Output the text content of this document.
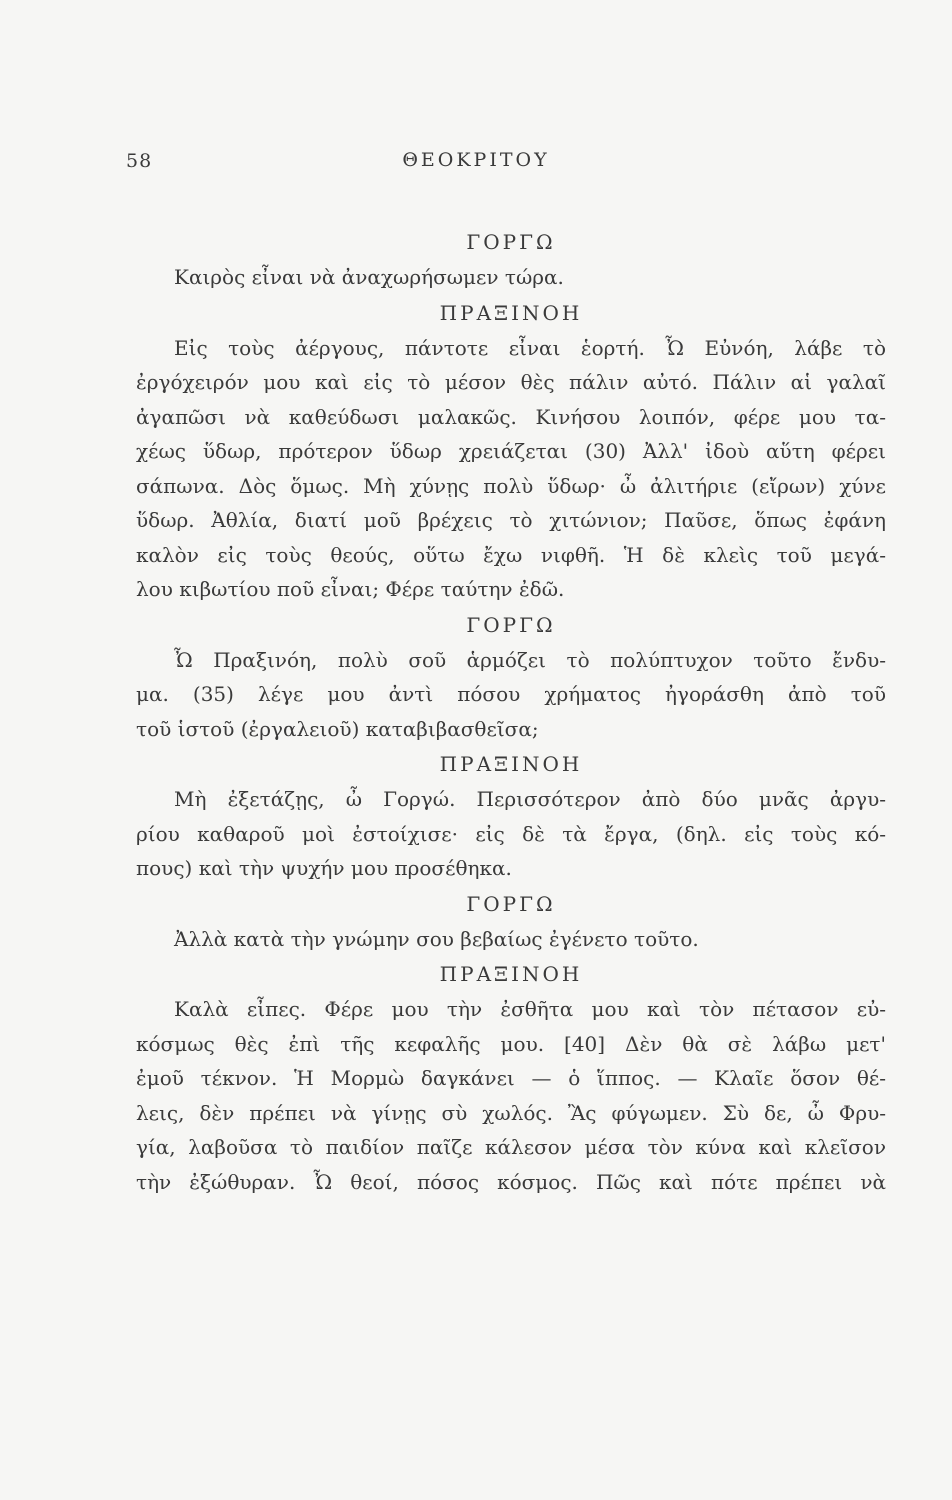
58	ΘΕΟΚΡΙΤΟΥ
ΓΟΡΓΩ
Καιρὸς εἶναι νὰ ἀναχωρήσωμεν τώρα.
ΠΡΑΞΙΝΟΗ
Εἰς τοὺς ἀέργους, πάντοτε εἶναι ἑορτή. Ὦ Εὐνόη, λάβε τὸ
ἐργόχειρόν μου καὶ εἰς τὸ μέσον θὲς πάλιν αὐτό. Πάλιν αἱ γαλαῖ
ἀγαπῶσι νὰ καθεύδωσι μαλακῶς. Κινήσου λοιπόν, φέρε μου τα-
χέως ὕδωρ, πρότερον ὕδωρ χρειάζεται (30) Ἀλλ' ἰδοὺ αὕτη φέρει
σάπωνα. Δὸς ὅμως. Μὴ χύνῃς πολὺ ὕδωρ· ὦ ἀλιτήριε (εἴρων) χύνε
ὕδωρ. Ἀθλία, διατί μοῦ βρέχεις τὸ χιτώνιον; Παῦσε, ὅπως ἐφάνη
καλὸν εἰς τοὺς θεούς, οὕτω ἔχω νιφθῆ. Ἡ δὲ κλεὶς τοῦ μεγά-
λου κιβωτίου ποῦ εἶναι; Φέρε ταύτην ἐδῶ.
ΓΟΡΓΩ
Ὦ Πραξινόη, πολὺ σοῦ ἁρμόζει τὸ πολύπτυχον τοῦτο ἔνδυ-
μα. (35) λέγε μου ἀντὶ πόσου χρήματος ἠγοράσθη ἀπὸ τοῦ
τοῦ ἱστοῦ (ἐργαλειοῦ) καταβιβασθεῖσα;
ΠΡΑΞΙΝΟΗ
Μὴ ἐξετάζῃς, ὦ Γοργώ. Περισσότερον ἀπὸ δύο μνᾶς ἀργυ-
ρίου καθαροῦ μοὶ ἐστοίχισε· εἰς δὲ τὰ ἔργα, (δηλ. εἰς τοὺς κό-
πους) καὶ τὴν ψυχήν μου προσέθηκα.
ΓΟΡΓΩ
Ἀλλὰ κατὰ τὴν γνώμην σου βεβαίως ἐγένετο τοῦτο.
ΠΡΑΞΙΝΟΗ
Καλὰ εἶπες. Φέρε μου τὴν ἐσθῆτα μου καὶ τὸν πέτασον εὐ-
κόσμως θὲς ἐπὶ τῆς κεφαλῆς μου. [40] Δὲν θὰ σὲ λάβω μετ'
ἐμοῦ τέκνον. Ἡ Μορμὼ δαγκάνει — ὁ ἵππος. — Κλαῖε ὅσον θέ-
λεις, δὲν πρέπει νὰ γίνῃς σὺ χωλός. Ἂς φύγωμεν. Σὺ δε, ὦ Φρυ-
γία, λαβοῦσα τὸ παιδίον παῖζε κάλεσον μέσα τὸν κύνα καὶ κλεῖσον
τὴν ἐξώθυραν. Ὦ θεοί, πόσος κόσμος. Πῶς καὶ πότε πρέπει νὰ
